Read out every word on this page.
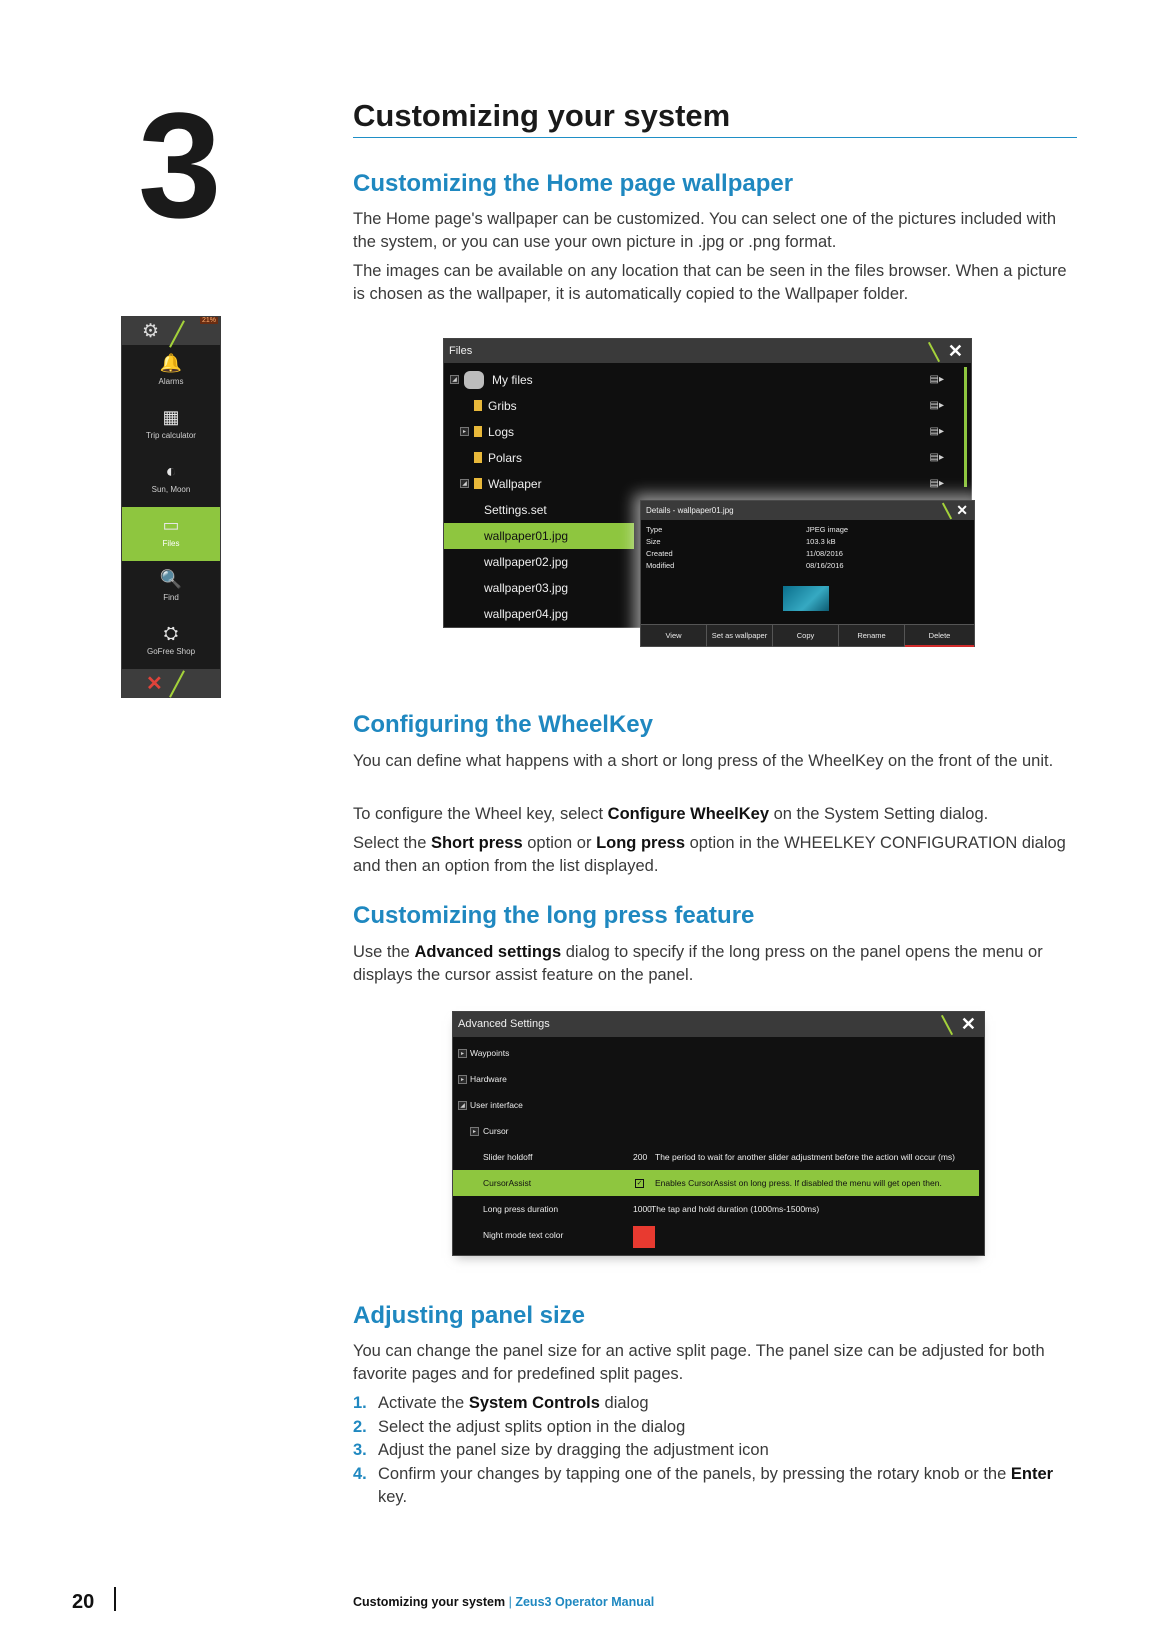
3	Customizing your system
Customizing the Home page wallpaper
The Home page's wallpaper can be customized. You can select one of the pictures included with the system, or you can use your own picture in .jpg or .png format.
The images can be available on any location that can be seen in the files browser. When a picture is chosen as the wallpaper, it is automatically copied to the Wallpaper folder.
⚙
21%
🔔
Alarms
▦
Trip calculator
◐
Sun, Moon
▭
Files
🔍
Find
⛭
GoFree Shop
✕
Files	✕
◢	My files	▤▸
Gribs	▤▸
▸ Logs	▤▸
Polars	▤▸
◢ Wallpaper	▤▸
Settings.set
wallpaper01.jpg
wallpaper02.jpg
wallpaper03.jpg
wallpaper04.jpg
Details - wallpaper01.jpg	✕
Type	JPEG image
Size	103.3 kB
Created	11/08/2016
Modified	08/16/2016
View	Set as wallpaper	Copy	Rename	Delete
Configuring the WheelKey
You can define what happens with a short or long press of the WheelKey on the front of the unit.
To configure the Wheel key, select Configure WheelKey on the System Setting dialog.
Select the Short press option or Long press option in the WHEELKEY CONFIGURATION dialog and then an option from the list displayed.
Customizing the long press feature
Use the Advanced settings dialog to specify if the long press on the panel opens the menu or displays the cursor assist feature on the panel.
Advanced Settings	✕
▸ Waypoints
▸ Hardware
◢ User interface
▸ Cursor
Slider holdoff	200 The period to wait for another slider adjustment before the action will occur (ms)
CursorAssist	✓ Enables CursorAssist on long press. If disabled the menu will get open then.
Long press duration	1000 The tap and hold duration (1000ms-1500ms)
Night mode text color
Adjusting panel size
You can change the panel size for an active split page. The panel size can be adjusted for both favorite pages and for predefined split pages.
1. Activate the System Controls dialog
2. Select the adjust splits option in the dialog
3. Adjust the panel size by dragging the adjustment icon
4. Confirm your changes by tapping one of the panels, by pressing the rotary knob or the Enter key.
20	Customizing your system | Zeus3 Operator Manual
